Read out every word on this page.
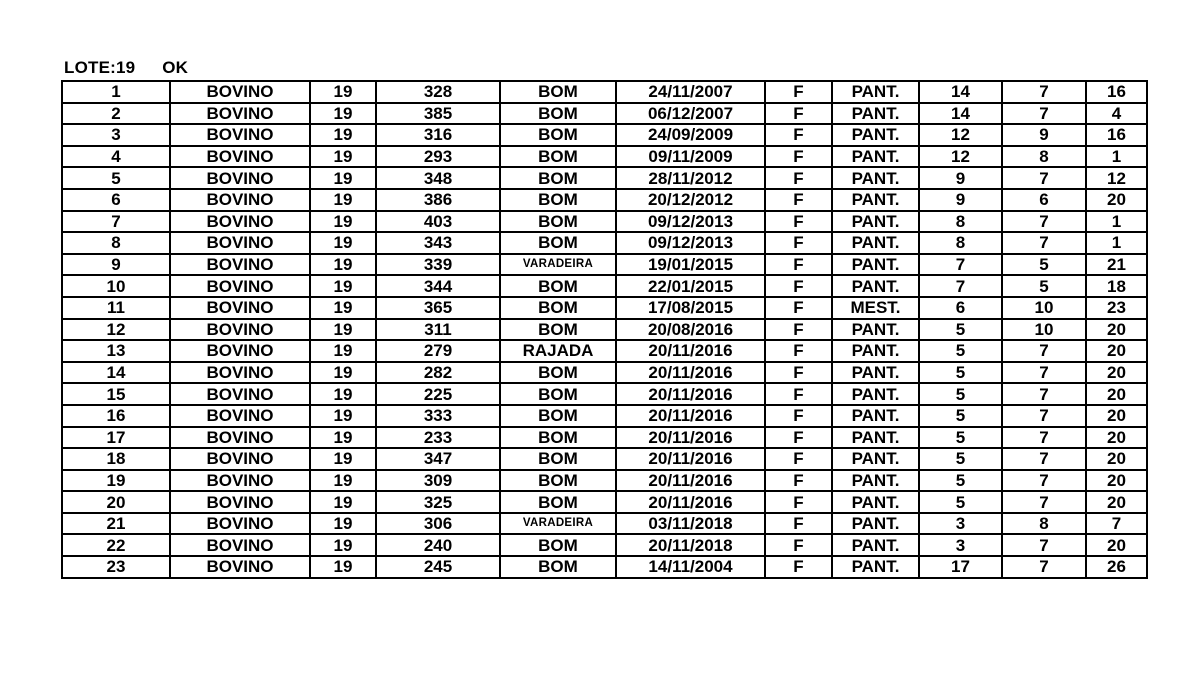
LOTE:19 OK
1	BOVINO	19	328	BOM	24/11/2007	F	PANT.	14	7	16
2	BOVINO	19	385	BOM	06/12/2007	F	PANT.	14	7	4
3	BOVINO	19	316	BOM	24/09/2009	F	PANT.	12	9	16
4	BOVINO	19	293	BOM	09/11/2009	F	PANT.	12	8	1
5	BOVINO	19	348	BOM	28/11/2012	F	PANT.	9	7	12
6	BOVINO	19	386	BOM	20/12/2012	F	PANT.	9	6	20
7	BOVINO	19	403	BOM	09/12/2013	F	PANT.	8	7	1
8	BOVINO	19	343	BOM	09/12/2013	F	PANT.	8	7	1
9	BOVINO	19	339	VARADEIRA	19/01/2015	F	PANT.	7	5	21
10	BOVINO	19	344	BOM	22/01/2015	F	PANT.	7	5	18
11	BOVINO	19	365	BOM	17/08/2015	F	MEST.	6	10	23
12	BOVINO	19	311	BOM	20/08/2016	F	PANT.	5	10	20
13	BOVINO	19	279	RAJADA	20/11/2016	F	PANT.	5	7	20
14	BOVINO	19	282	BOM	20/11/2016	F	PANT.	5	7	20
15	BOVINO	19	225	BOM	20/11/2016	F	PANT.	5	7	20
16	BOVINO	19	333	BOM	20/11/2016	F	PANT.	5	7	20
17	BOVINO	19	233	BOM	20/11/2016	F	PANT.	5	7	20
18	BOVINO	19	347	BOM	20/11/2016	F	PANT.	5	7	20
19	BOVINO	19	309	BOM	20/11/2016	F	PANT.	5	7	20
20	BOVINO	19	325	BOM	20/11/2016	F	PANT.	5	7	20
21	BOVINO	19	306	VARADEIRA	03/11/2018	F	PANT.	3	8	7
22	BOVINO	19	240	BOM	20/11/2018	F	PANT.	3	7	20
23	BOVINO	19	245	BOM	14/11/2004	F	PANT.	17	7	26
